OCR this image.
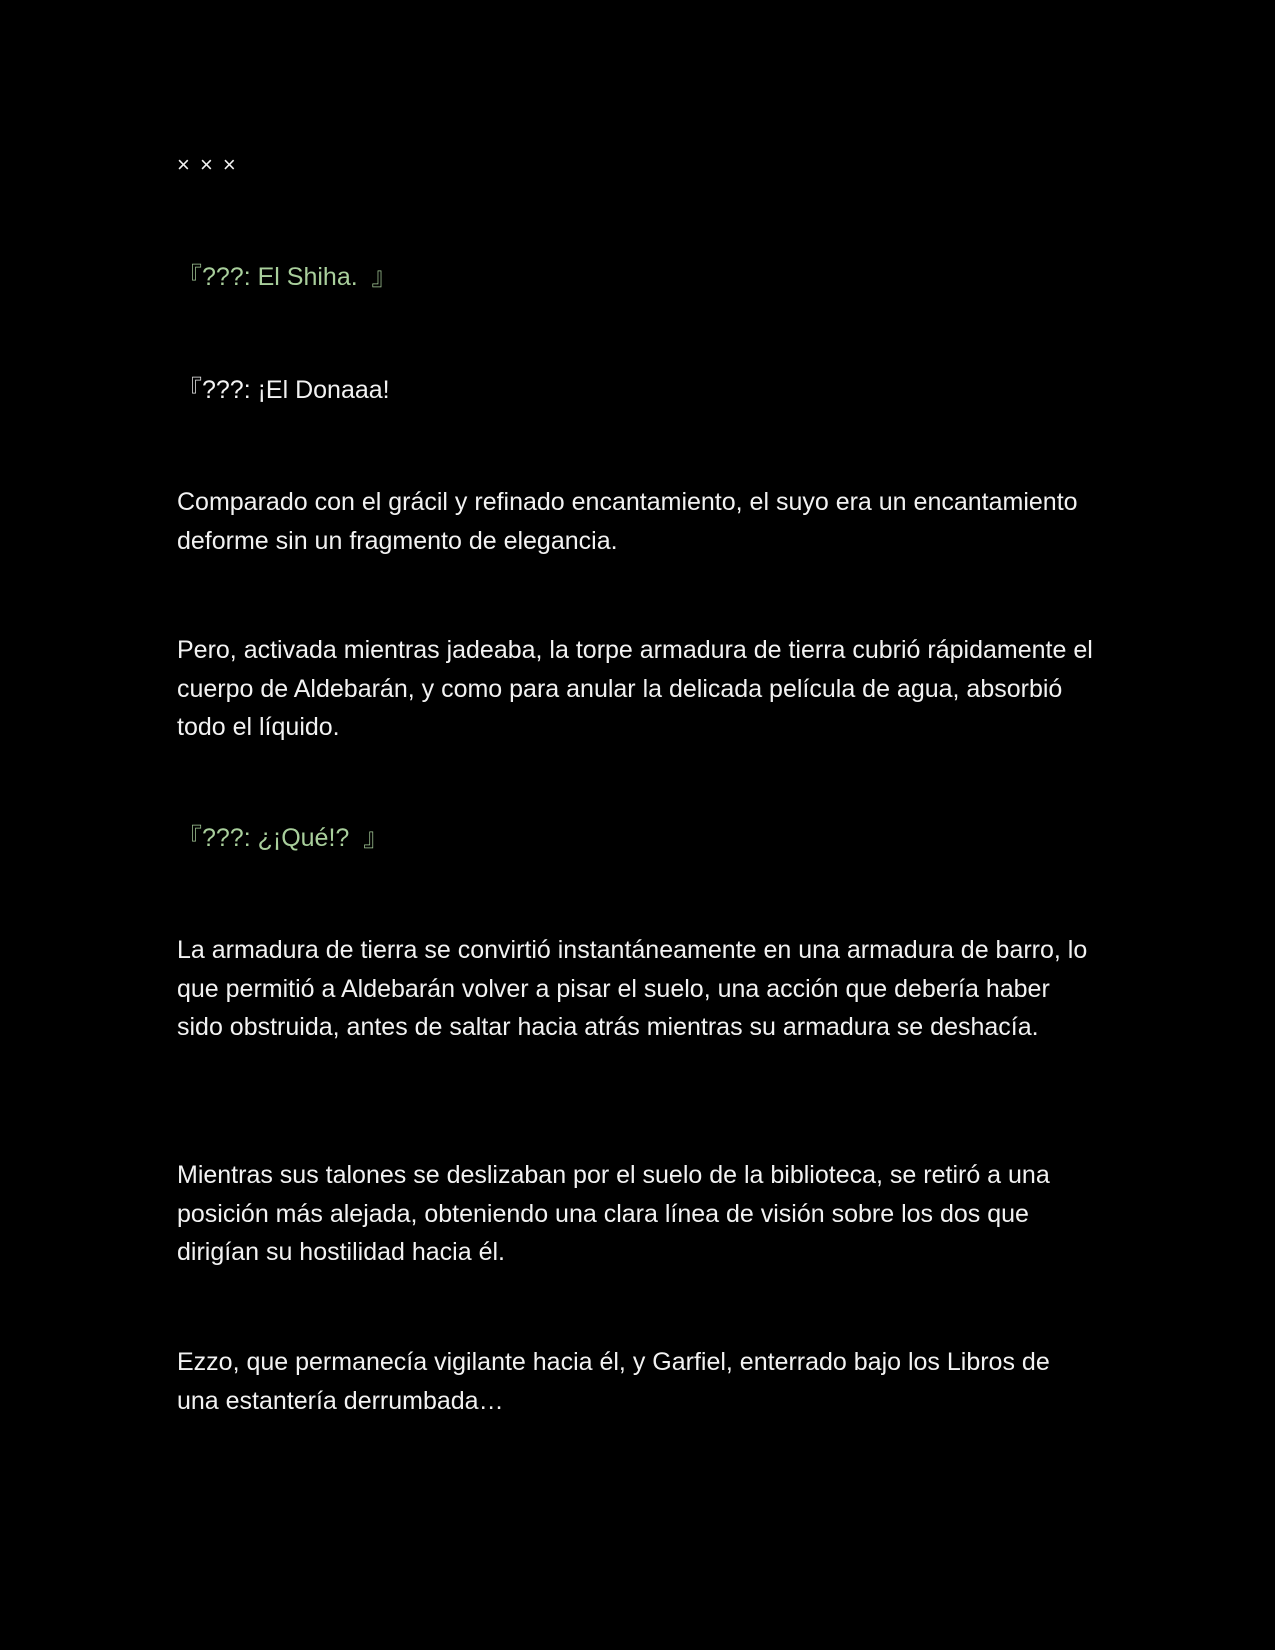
× × ×

『???: El Shiha.  』

『???: ¡El Donaaa!

Comparado con el grácil y refinado encantamiento, el suyo era un encantamiento deforme sin un fragmento de elegancia.

Pero, activada mientras jadeaba, la torpe armadura de tierra cubrió rápidamente el cuerpo de Aldebarán, y como para anular la delicada película de agua, absorbió todo el líquido.

『???: ¿¡Qué!?  』

La armadura de tierra se convirtió instantáneamente en una armadura de barro, lo que permitió a Aldebarán volver a pisar el suelo, una acción que debería haber sido obstruida, antes de saltar hacia atrás mientras su armadura se deshacía.

Mientras sus talones se deslizaban por el suelo de la biblioteca, se retiró a una posición más alejada, obteniendo una clara línea de visión sobre los dos que dirigían su hostilidad hacia él.

Ezzo, que permanecía vigilante hacia él, y Garfiel, enterrado bajo los Libros de una estantería derrumbada…
